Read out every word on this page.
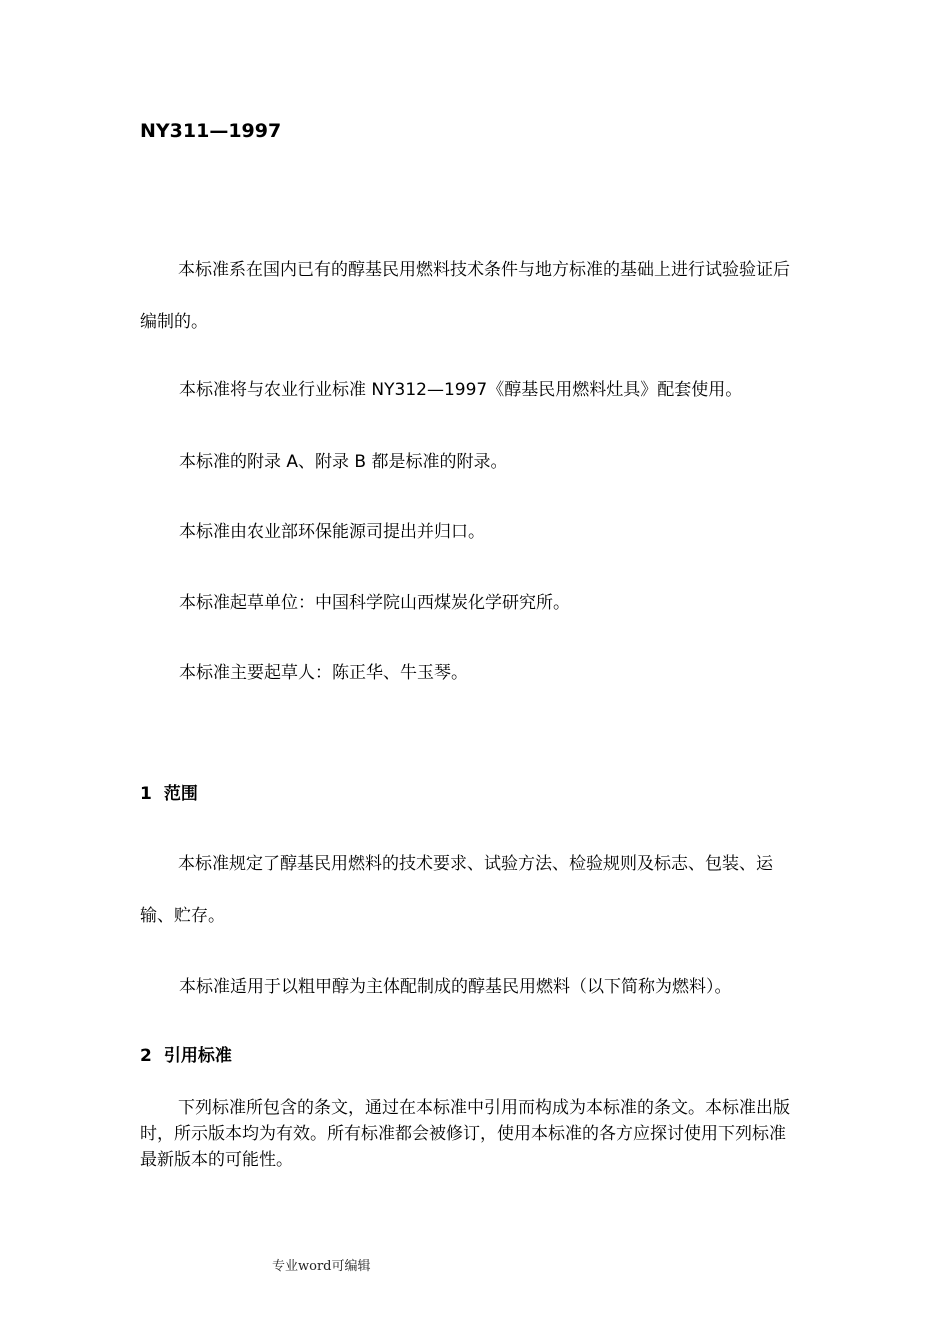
NY311—1997

本标准系在国内已有的醇基民用燃料技术条件与地方标准的基础上进行试验验证后编制的。

本标准将与农业行业标准 NY312—1997《醇基民用燃料灶具》配套使用。

本标准的附录 A、附录 B 都是标准的附录。

本标准由农业部环保能源司提出并归口。

本标准起草单位：中国科学院山西煤炭化学研究所。

本标准主要起草人：陈正华、牛玉琴。

1 范围

本标准规定了醇基民用燃料的技术要求、试验方法、检验规则及标志、包装、运输、贮存。

本标准适用于以粗甲醇为主体配制成的醇基民用燃料（以下简称为燃料）。

2 引用标准

下列标准所包含的条文，通过在本标准中引用而构成为本标准的条文。本标准出版时，所示版本均为有效。所有标准都会被修订，使用本标准的各方应探讨使用下列标准最新版本的可能性。

专业word可编辑
